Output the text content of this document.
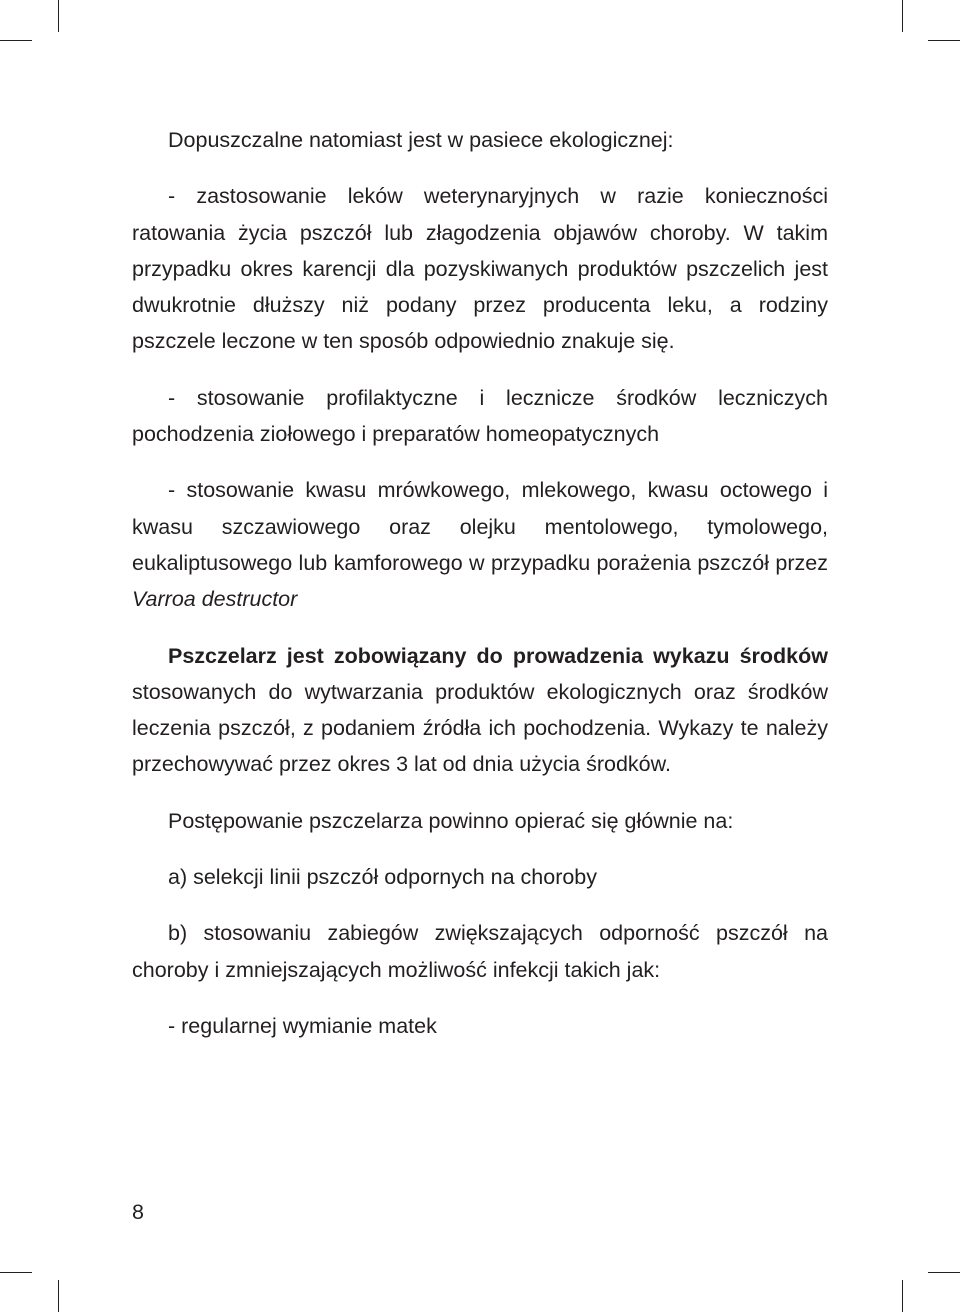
Dopuszczalne natomiast jest w pasiece ekologicznej:

- zastosowanie leków weterynaryjnych w razie konieczności ratowania życia pszczół lub złagodzenia objawów choroby. W takim przypadku okres karencji dla pozyskiwanych produktów pszczelich jest dwukrotnie dłuższy niż podany przez producenta leku, a rodziny pszczele leczone w ten sposób odpowiednio znakuje się.

- stosowanie profilaktyczne i lecznicze środków leczniczych pochodzenia ziołowego i preparatów homeopatycznych

- stosowanie kwasu mrówkowego, mlekowego, kwasu octowego i kwasu szczawiowego oraz olejku mentolowego, tymolowego, eukaliptusowego lub kamforowego w przypadku porażenia pszczół przez Varroa destructor

Pszczelarz jest zobowiązany do prowadzenia wykazu środków stosowanych do wytwarzania produktów ekologicznych oraz środków leczenia pszczół, z podaniem źródła ich pochodzenia. Wykazy te należy przechowywać przez okres 3 lat od dnia użycia środków.

Postępowanie pszczelarza powinno opierać się głównie na:

a) selekcji linii pszczół odpornych na choroby

b) stosowaniu zabiegów zwiększających odporność pszczół na choroby i zmniejszających możliwość infekcji takich jak:

- regularnej wymianie matek

8
